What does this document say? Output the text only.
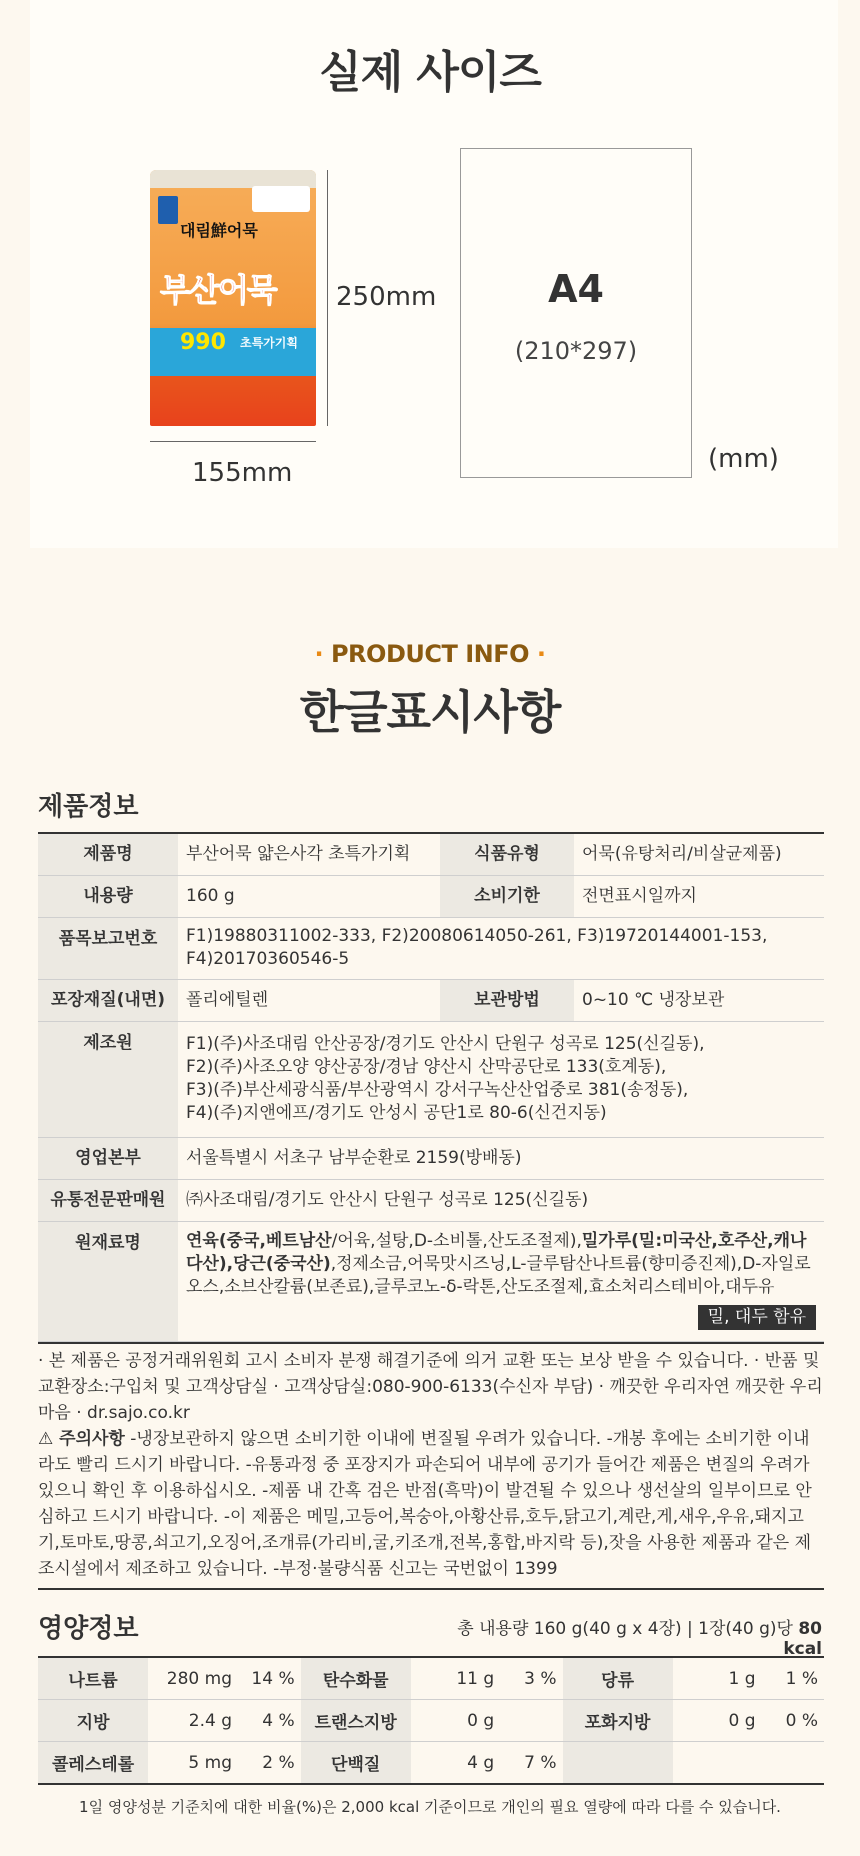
실제 사이즈
대림鮮어묵
부산어묵
990 초특가기획
250mm
155mm
A4
(210*297)
(mm)
· PRODUCT INFO ·
한글표시사항
제품정보
제품명	부산어묵 얇은사각 초특가기획	식품유형	어묵(유탕처리/비살균제품)
내용량	160 g	소비기한	전면표시일까지
품목보고번호	F1)19880311002-333, F2)20080614050-261, F3)19720144001-153, F4)20170360546-5		
포장재질(내면)	폴리에틸렌	보관방법	0~10 ℃ 냉장보관
제조원	F1)(주)사조대림 안산공장/경기도 안산시 단원구 성곡로 125(신길동),
F2)(주)사조오양 양산공장/경남 양산시 산막공단로 133(호계동),
F3)(주)부산세광식품/부산광역시 강서구녹산산업중로 381(송정동),
F4)(주)지앤에프/경기도 안성시 공단1로 80-6(신건지동)		

영업본부	서울특별시 서초구 남부순환로 2159(방배동)		
유통전문판매원	㈜사조대림/경기도 안산시 단원구 성곡로 125(신길동)		
원재료명	연육(중국,베트남산/어육,설탕,D-소비톨,산도조절제),밀가루(밀:미국산,호주산,캐나다산),당근(중국산),정제소금,어묵맛시즈닝,L-글루탐산나트륨(향미증진제),D-자일로오스,소브산칼륨(보존료),글루코노-δ-락톤,산도조절제,효소처리스테비아,대두유
밀, 대두 함유		

· 본 제품은 공정거래위원회 고시 소비자 분쟁 해결기준에 의거 교환 또는 보상 받을 수 있습니다. · 반품 및 교환장소:구입처 및 고객상담실 · 고객상담실:080-900-6133(수신자 부담) · 깨끗한 우리자연 깨끗한 우리마음 · dr.sajo.co.kr

⚠ 주의사항 -냉장보관하지 않으면 소비기한 이내에 변질될 우려가 있습니다. -개봉 후에는 소비기한 이내라도 빨리 드시기 바랍니다. -유통과정 중 포장지가 파손되어 내부에 공기가 들어간 제품은 변질의 우려가 있으니 확인 후 이용하십시오. -제품 내 간혹 검은 반점(흑막)이 발견될 수 있으나 생선살의 일부이므로 안심하고 드시기 바랍니다. -이 제품은 메밀,고등어,복숭아,아황산류,호두,닭고기,계란,게,새우,우유,돼지고기,토마토,땅콩,쇠고기,오징어,조개류(가리비,굴,키조개,전복,홍합,바지락 등),잣을 사용한 제품과 같은 제조시설에서 제조하고 있습니다. -부정·불량식품 신고는 국번없이 1399

영양정보	총 내용량 160 g(40 g x 4장) | 1장(40 g)당 80 kcal
나트륨	280 mg	14 %	탄수화물	11 g	3 %	당류	1 g	1 %
지방	2.4 g	4 %	트랜스지방	0 g		포화지방	0 g	0 %
콜레스테롤	5 mg	2 %	단백질	4 g	7 %			
1일 영양성분 기준치에 대한 비율(%)은 2,000 kcal 기준이므로 개인의 필요 열량에 따라 다를 수 있습니다.
